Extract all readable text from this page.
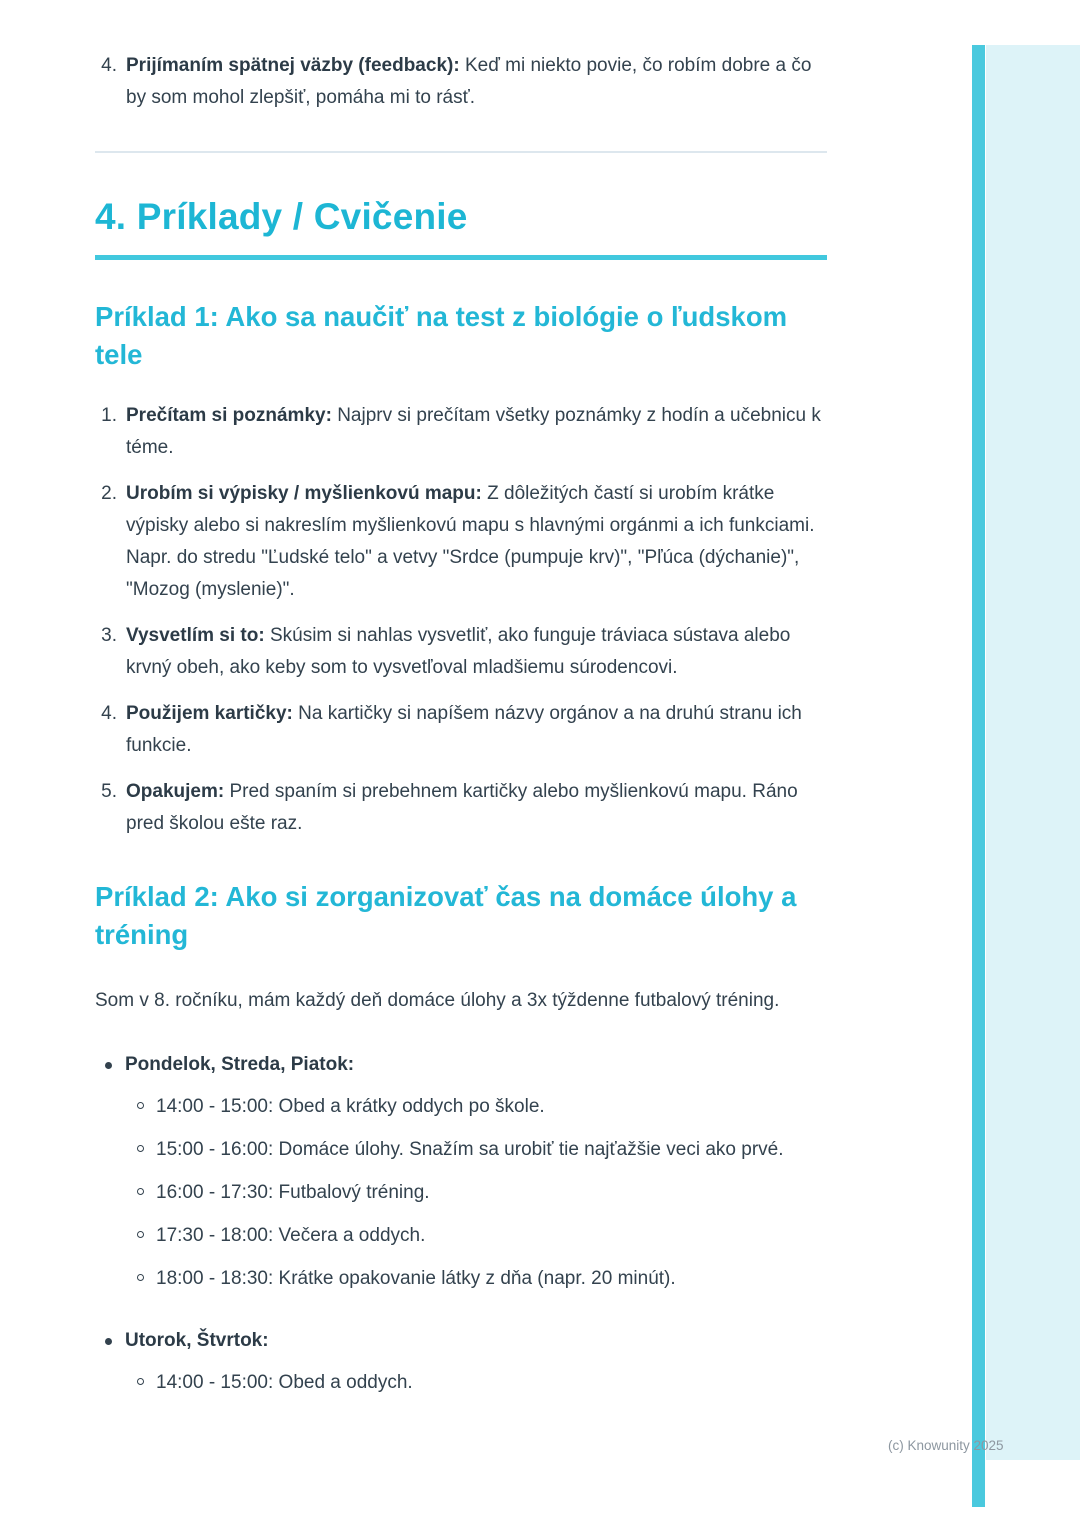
4. Prijímaním spätnej väzby (feedback): Keď mi niekto povie, čo robím dobre a čo by som mohol zlepšiť, pomáha mi to rásť.

4. Príklady / Cvičenie
Príklad 1: Ako sa naučiť na test z biológie o ľudskom tele
1. Prečítam si poznámky: Najprv si prečítam všetky poznámky z hodín a učebnicu k téme.

2. Urobím si výpisky / myšlienkovú mapu: Z dôležitých častí si urobím krátke výpisky alebo si nakreslím myšlienkovú mapu s hlavnými orgánmi a ich funkciami. Napr. do stredu "Ľudské telo" a vetvy "Srdce (pumpuje krv)", "Pľúca (dýchanie)", "Mozog (myslenie)".

3. Vysvetlím si to: Skúsim si nahlas vysvetliť, ako funguje tráviaca sústava alebo krvný obeh, ako keby som to vysvetľoval mladšiemu súrodencovi.

4. Použijem kartičky: Na kartičky si napíšem názvy orgánov a na druhú stranu ich funkcie.

5. Opakujem: Pred spaním si prebehnem kartičky alebo myšlienkovú mapu. Ráno pred školou ešte raz.

Príklad 2: Ako si zorganizovať čas na domáce úlohy a tréning

Som v 8. ročníku, mám každý deň domáce úlohy a 3x týždenne futbalový tréning.

Pondelok, Streda, Piatok:

14:00 - 15:00: Obed a krátky oddych po škole.

15:00 - 16:00: Domáce úlohy. Snažím sa urobiť tie najťažšie veci ako prvé.

16:00 - 17:30: Futbalový tréning.

17:30 - 18:00: Večera a oddych.

18:00 - 18:30: Krátke opakovanie látky z dňa (napr. 20 minút).

Utorok, Štvrtok:

14:00 - 15:00: Obed a oddych.

(c) Knowunity 2025
